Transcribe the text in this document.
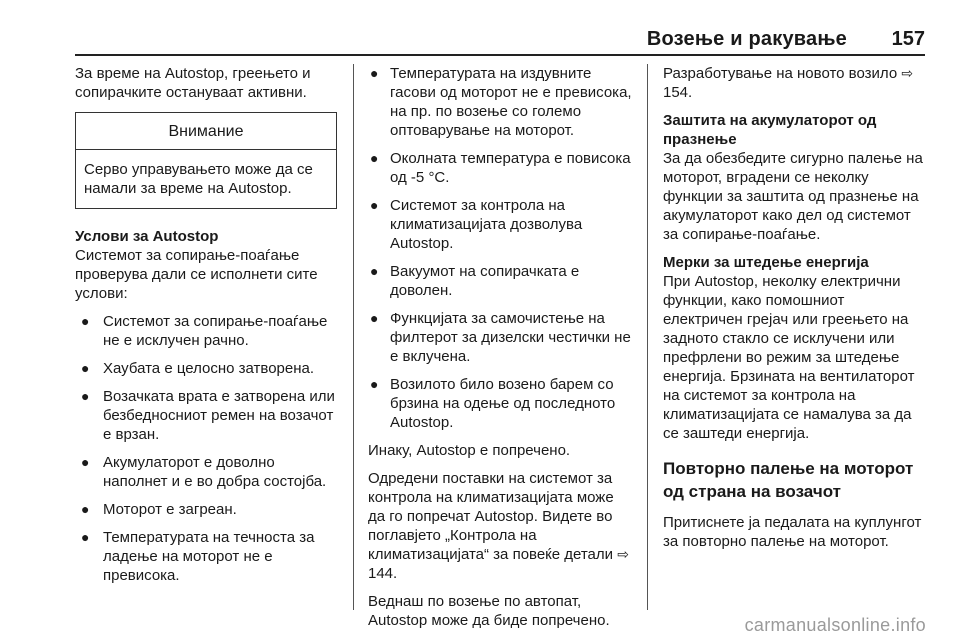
Возење и ракување 157

За време на Autostop, греењето и сопирачките остануваат активни.

Внимание
Серво управувањето може да се намали за време на Autostop.
Услови за Autostop

Системот за сопирање-поаѓање проверува дали се исполнети сите услови:

● Системот за сопирање-поаѓање не е исклучен рачно.
● Хаубата е целосно затворена.
● Возачката врата е затворена или безбедносниот ремен на возачот е врзан.
● Акумулаторот е доволно наполнет и е во добра состојба.
● Моторот е загреан.
● Температурата на течноста за ладење на моторот не е превисока.
● Температурата на издувните гасови од моторот не е превисока, на пр. по возење со големо оптоварување на моторот.
● Околната температура е повисока од -5 °C.
● Системот за контрола на климатизацијата дозволува Autostop.
● Вакуумот на сопирачката е доволен.
● Функцијата за самочистење на филтерот за дизелски честички не е вклучена.
● Возилото било возено барем со брзина на одење од последното Autostop.

Инаку, Autostop е попречено.

Одредени поставки на системот за контрола на климатизацијата може да го попречат Autostop. Видете во поглавјето „Контрола на климатизацијата“ за повеќе детали ⇨ 144.

Веднаш по возење по автопат, Autostop може да биде попречено.

Разработување на новото возило ⇨ 154.

Заштита на акумулаторот од празнење

За да обезбедите сигурно палење на моторот, вградени се неколку функции за заштита од празнење на акумулаторот како дел од системот за сопирање-поаѓање.

Мерки за штедење енергија

При Autostop, неколку електрични функции, како помошниот електричен грејач или греењето на задното стакло се исклучени или префрлени во режим за штедење енергија. Брзината на вентилаторот на системот за контрола на климатизацијата се намалува за да се заштеди енергија.

Повторно палење на моторот од страна на возачот

Притиснете ја педалата на куплунгот за повторно палење на моторот.

carmanualsonline.info
